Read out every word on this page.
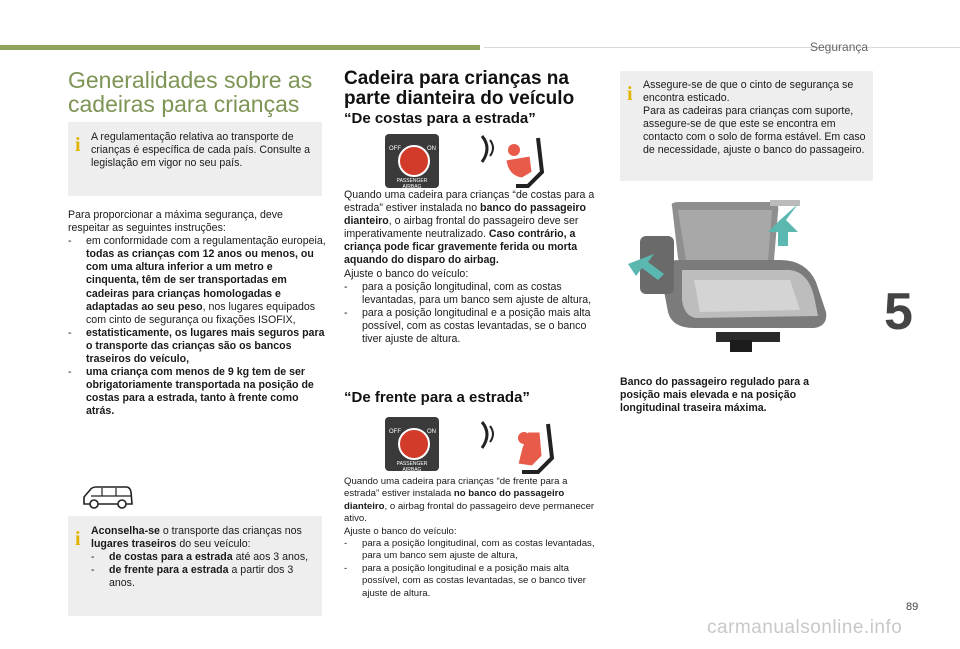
Segurança
5
89
carmanualsonline.info
Generalidades sobre as cadeiras para crianças
i A regulamentação relativa ao transporte de crianças é específica de cada país. Consulte a legislação em vigor no seu país.
Para proporcionar a máxima segurança, deve respeitar as seguintes instruções:
- em conformidade com a regulamentação europeia, todas as crianças com 12 anos ou menos, ou com uma altura inferior a um metro e cinquenta, têm de ser transportadas em cadeiras para crianças homologadas e adaptadas ao seu peso, nos lugares equipados com cinto de segurança ou fixações ISOFIX,
- estatisticamente, os lugares mais seguros para o transporte das crianças são os bancos traseiros do veículo,
- uma criança com menos de 9 kg tem de ser obrigatoriamente transportada na posição de costas para a estrada, tanto à frente como atrás.
i Aconselha-se o transporte das crianças nos lugares traseiros do seu veículo:
- de costas para a estrada até aos 3 anos,
- de frente para a estrada a partir dos 3 anos.
Cadeira para crianças na parte dianteira do veículo
“De costas para a estrada”
OFF	ON
PASSENGER AIRBAG
Quando uma cadeira para crianças “de costas para a estrada” estiver instalada no banco do passageiro dianteiro, o airbag frontal do passageiro deve ser imperativamente neutralizado. Caso contrário, a criança pode ficar gravemente ferida ou morta aquando do disparo do airbag.
Ajuste o banco do veículo:
- para a posição longitudinal, com as costas levantadas, para um banco sem ajuste de altura,
- para a posição longitudinal e a posição mais alta possível, com as costas levantadas, se o banco tiver ajuste de altura.
“De frente para a estrada”
OFF	ON
PASSENGER AIRBAG
Quando uma cadeira para crianças “de frente para a estrada” estiver instalada no banco do passageiro dianteiro, o airbag frontal do passageiro deve permanecer ativo.
Ajuste o banco do veículo:
- para a posição longitudinal, com as costas levantadas, para um banco sem ajuste de altura,
- para a posição longitudinal e a posição mais alta possível, com as costas levantadas, se o banco tiver ajuste de altura.
i Assegure-se de que o cinto de segurança se encontra esticado.
Para as cadeiras para crianças com suporte, assegure-se de que este se encontra em contacto com o solo de forma estável. Em caso de necessidade, ajuste o banco do passageiro.
Banco do passageiro regulado para a posição mais elevada e na posição longitudinal traseira máxima.
